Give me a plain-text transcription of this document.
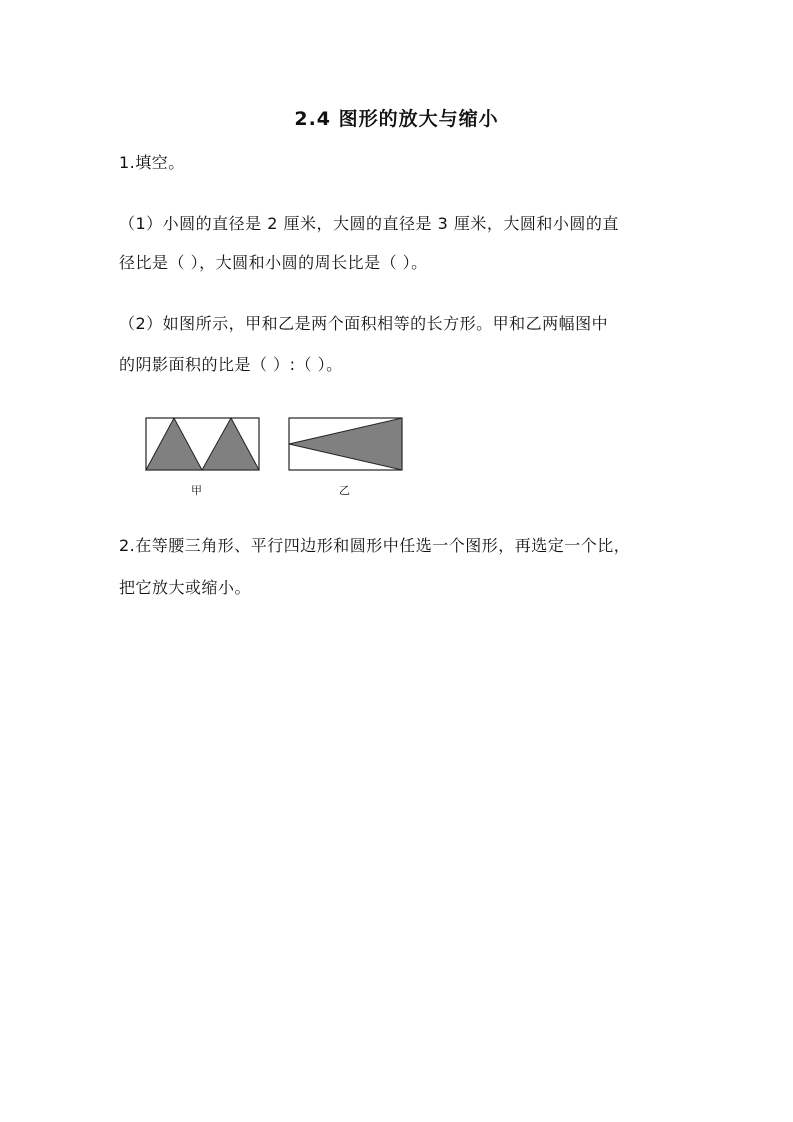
2.4 图形的放大与缩小
1.填空。
（1）小圆的直径是 2 厘米，大圆的直径是 3 厘米，大圆和小圆的直
径比是（ ），大圆和小圆的周长比是（ ）。
（2）如图所示，甲和乙是两个面积相等的长方形。甲和乙两幅图中
的阴影面积的比是（ ）:（ ）。
甲	乙
2.在等腰三角形、平行四边形和圆形中任选一个图形，再选定一个比，
把它放大或缩小。
